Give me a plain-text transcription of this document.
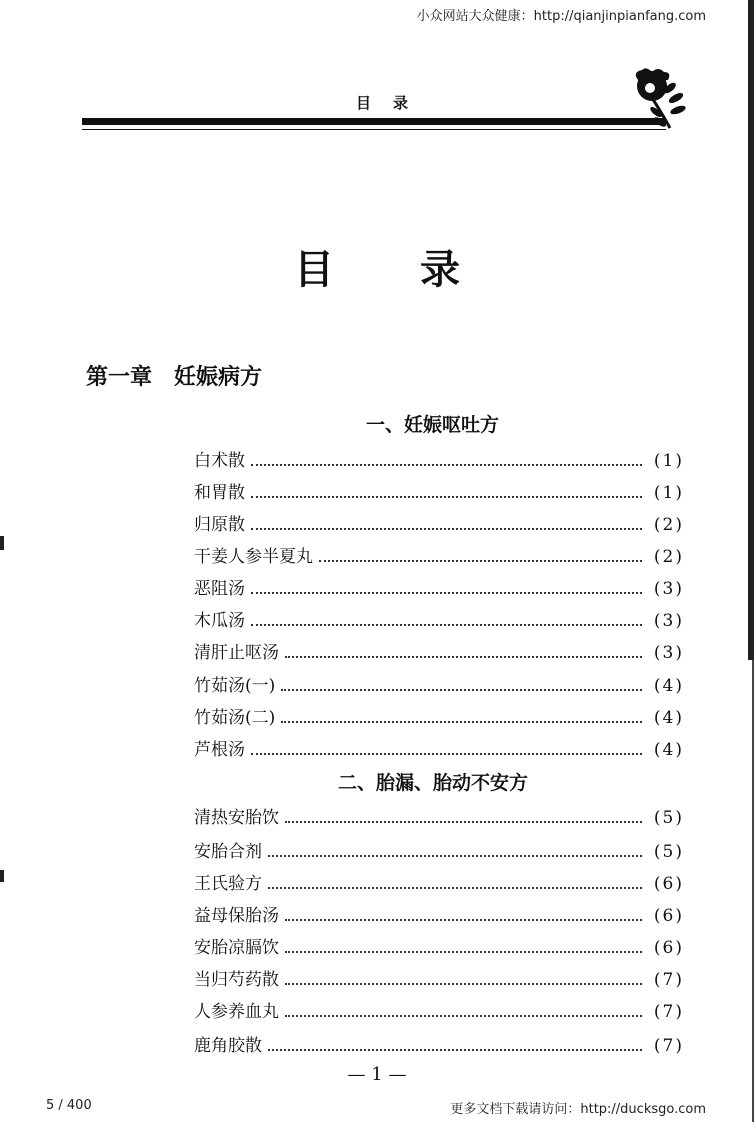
小众网站大众健康：http://qianjinpianfang.com
目录
目 录
第一章 妊娠病方
一、妊娠呕吐方
白术散	(1)
和胃散	(1)
归原散	(2)
干姜人参半夏丸	(2)
恶阻汤	(3)
木瓜汤	(3)
清肝止呕汤	(3)
竹茹汤(一)	(4)
竹茹汤(二)	(4)
芦根汤	(4)
二、胎漏、胎动不安方
清热安胎饮	(5)
安胎合剂	(5)
王氏验方	(6)
益母保胎汤	(6)
安胎凉膈饮	(6)
当归芍药散	(7)
人参养血丸	(7)
鹿角胶散	(7)
— 1 —
5 / 400	更多文档下载请访问：http://ducksgo.com
